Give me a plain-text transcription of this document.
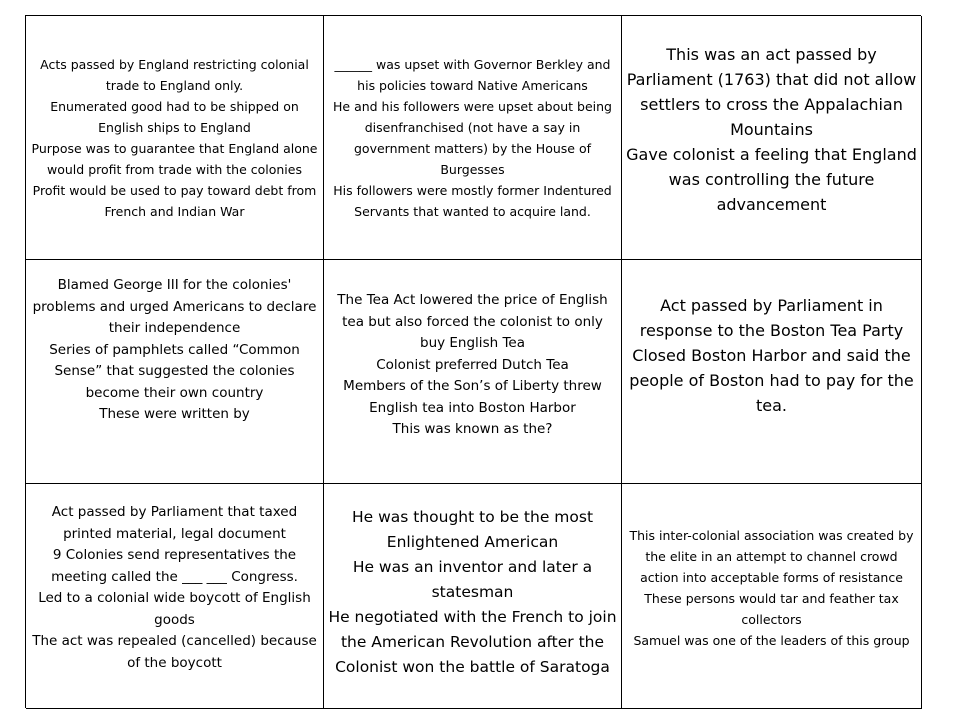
Acts passed by England restricting colonial trade to England only.
Enumerated good had to be shipped on English ships to England
Purpose was to guarantee that England alone would profit from trade with the colonies
Profit would be used to pay toward debt from French and Indian War
______ was upset with Governor Berkley and his policies toward Native Americans
He and his followers were upset about being disenfranchised (not have a say in government matters) by the House of Burgesses
His followers were mostly former Indentured Servants that wanted to acquire land.
This was an act passed by Parliament (1763) that did not allow settlers to cross the Appalachian Mountains
Gave colonist a feeling that England was controlling the future advancement
Blamed George III for the colonies' problems and urged Americans to declare their independence
Series of pamphlets called “Common Sense” that suggested the colonies become their own country
These were written by
The Tea Act lowered the price of English tea but also forced the colonist to only buy English Tea
Colonist preferred Dutch Tea
Members of the Son’s of Liberty threw English tea into Boston Harbor
This was known as the?
Act passed by Parliament in response to the Boston Tea Party
Closed Boston Harbor and said the people of Boston had to pay for the tea.
Act passed by Parliament that taxed printed material, legal document
9 Colonies send representatives the meeting called the ___ ___ Congress.
Led to a colonial wide boycott of English goods
The act was repealed (cancelled) because of the boycott
He was thought to be the most Enlightened American
He was an inventor and later a statesman
He negotiated with the French to join the American Revolution after the Colonist won the battle of Saratoga
This inter-colonial association was created by the elite in an attempt to channel crowd action into acceptable forms of resistance
These persons would tar and feather tax collectors
Samuel was one of the leaders of this group
